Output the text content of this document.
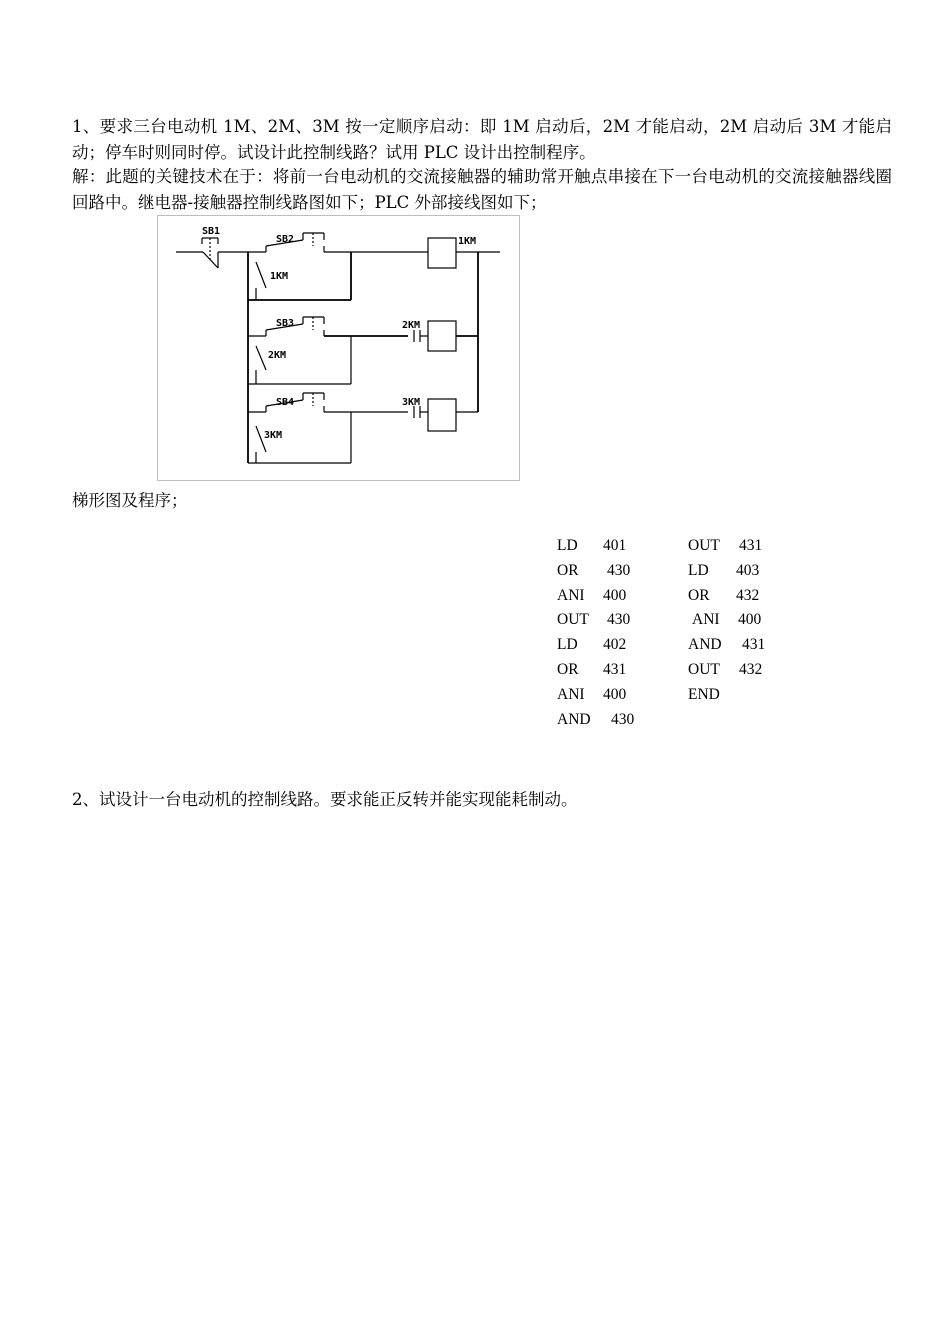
1、要求三台电动机 1M、2M、3M 按一定顺序启动：即 1M 启动后，2M 才能启动，2M 启动后 3M 才能启动；停车时则同时停。试设计此控制线路？试用 PLC 设计出控制程序。

解：此题的关键技术在于：将前一台电动机的交流接触器的辅助常开触点串接在下一台电动机的交流接触器线圈回路中。继电器-接触器控制线路图如下；PLC 外部接线图如下；

SB1
SB2
1KM
1KM
SB3	2KM
2KM
SB4	3KM
3KM

梯形图及程序；

LD 401
OR 430
ANI 400
OUT 430
LD 402
OR 431
ANI 400
AND 430
OUT 431
LD 403
OR 432
ANI 400
AND 431
OUT 432
END

2、试设计一台电动机的控制线路。要求能正反转并能实现能耗制动。
